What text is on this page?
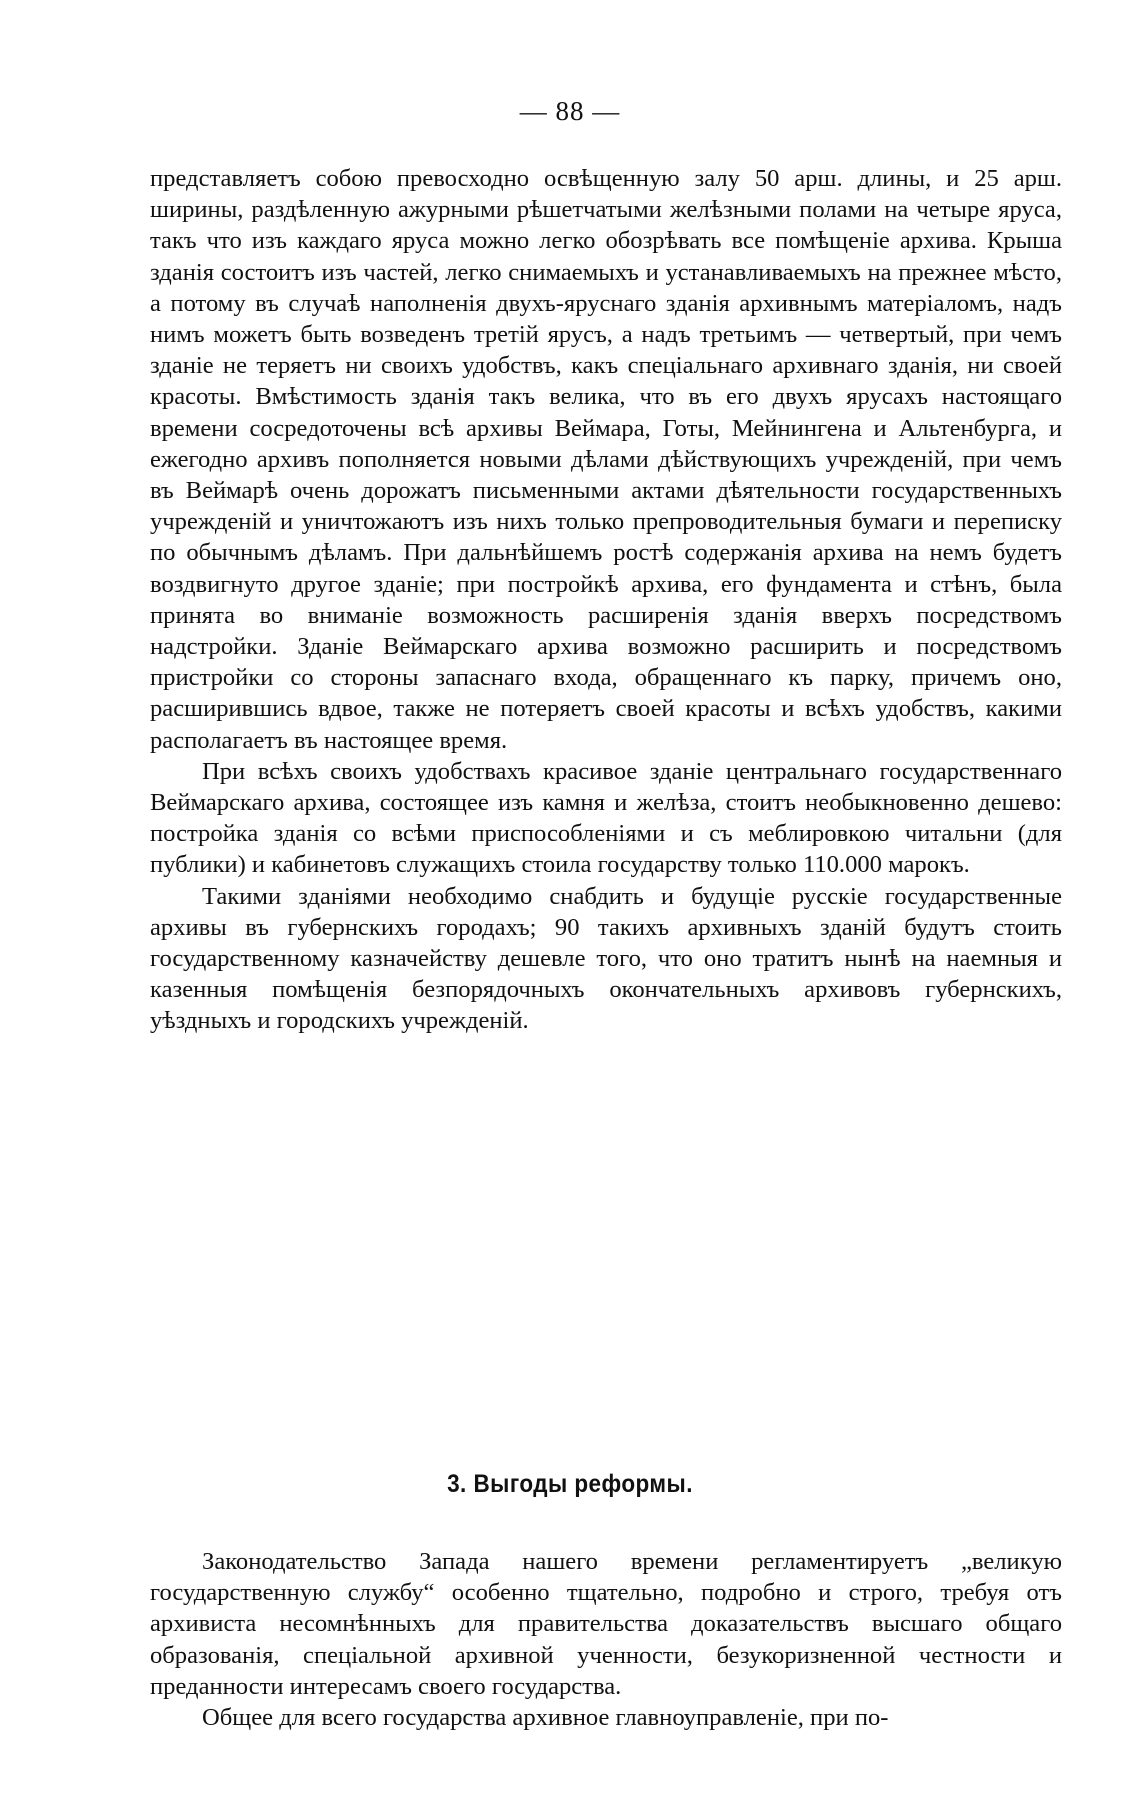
— 88 —

представляетъ собою превосходно освѣщенную залу 50 арш. длины, и 25 арш. ширины, раздѣленную ажурными рѣшетчатыми желѣзными полами на четыре яруса, такъ что изъ каждаго яруса можно легко обозрѣвать все помѣщеніе архива. Крыша зданія состоитъ изъ частей, легко снимаемыхъ и устанавливаемыхъ на прежнее мѣсто, а потому въ случаѣ наполненія двухъ-яруснаго зданія архивнымъ матеріаломъ, надъ нимъ можетъ быть возведенъ третій ярусъ, а надъ третьимъ — четвертый, при чемъ зданіе не теряетъ ни своихъ удобствъ, какъ спеціальнаго архивнаго зданія, ни своей красоты. Вмѣстимость зданія такъ велика, что въ его двухъ ярусахъ настоящаго времени сосредоточены всѣ архивы Веймара, Готы, Мейнингена и Альтенбурга, и ежегодно архивъ пополняется новыми дѣлами дѣйствующихъ учрежденій, при чемъ въ Веймарѣ очень дорожатъ письменными актами дѣятельности государственныхъ учрежденій и уничтожаютъ изъ нихъ только препроводительныя бумаги и переписку по обычнымъ дѣламъ. При дальнѣйшемъ ростѣ содержанія архива на немъ будетъ воздвигнуто другое зданіе; при постройкѣ архива, его фундамента и стѣнъ, была принята во вниманіе возможность расширенія зданія вверхъ посредствомъ надстройки. Зданіе Веймарскаго архива возможно расширить и посредствомъ пристройки со стороны запаснаго входа, обращеннаго къ парку, причемъ оно, расширившись вдвое, также не потеряетъ своей красоты и всѣхъ удобствъ, какими располагаетъ въ настоящее время.

При всѣхъ своихъ удобствахъ красивое зданіе центральнаго государственнаго Веймарскаго архива, состоящее изъ камня и желѣза, стоитъ необыкновенно дешево: постройка зданія со всѣми приспособленіями и съ меблировкою читальни (для публики) и кабинетовъ служащихъ стоила государству только 110.000 марокъ.

Такими зданіями необходимо снабдить и будущіе русскіе государственные архивы въ губернскихъ городахъ; 90 такихъ архивныхъ зданій будутъ стоить государственному казначейству дешевле того, что оно тратитъ нынѣ на наемныя и казенныя помѣщенія безпорядочныхъ окончательныхъ архивовъ губернскихъ, уѣздныхъ и городскихъ учрежденій.

3. Выгоды реформы.

Законодательство Запада нашего времени регламентируетъ „великую государственную службу“ особенно тщательно, подробно и строго, требуя отъ архивиста несомнѣнныхъ для правительства доказательствъ высшаго общаго образованія, спеціальной архивной ученности, безукоризненной честности и преданности интересамъ своего государства.

Общее для всего государства архивное главноуправленіе, при по-
